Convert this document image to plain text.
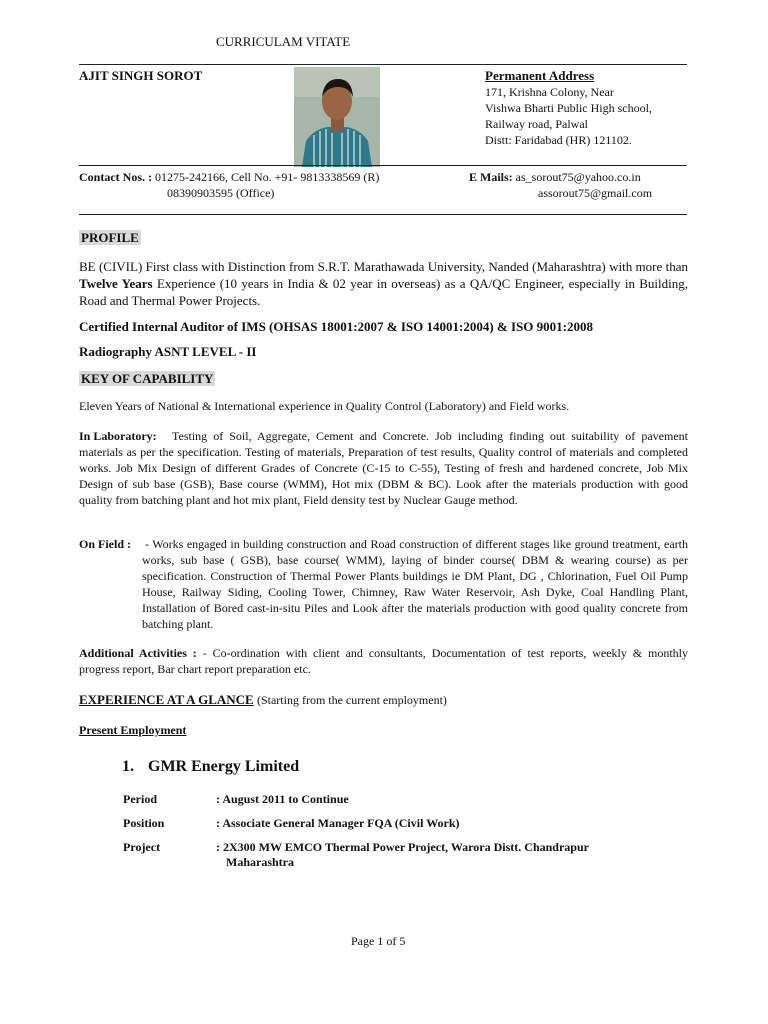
CURRICULAM VITATE
AJIT SINGH SOROT	Permanent Address
171, Krishna Colony, Near
Vishwa Bharti Public High school,
Railway road, Palwal
Distt: Faridabad (HR) 121102.
Contact Nos. : 01275-242166, Cell No. +91- 9813338569 (R)
08390903595 (Office)
E Mails: as_sorout75@yahoo.co.in
assorout75@gmail.com
PROFILE
BE (CIVIL) First class with Distinction from S.R.T. Marathawada University, Nanded (Maharashtra) with more than Twelve Years Experience (10 years in India & 02 year in overseas) as a QA/QC Engineer, especially in Building, Road and Thermal Power Projects.
Certified Internal Auditor of IMS (OHSAS 18001:2007 & ISO 14001:2004) & ISO 9001:2008
Radiography ASNT LEVEL - II
KEY OF CAPABILITY
Eleven Years of National & International experience in Quality Control (Laboratory) and Field works.
In Laboratory:	Testing of Soil, Aggregate, Cement and Concrete. Job including finding out suitability of pavement materials as per the specification. Testing of materials, Preparation of test results, Quality control of materials and completed works. Job Mix Design of different Grades of Concrete (C-15 to C-55), Testing of fresh and hardened concrete, Job Mix Design of sub base (GSB), Base course (WMM), Hot mix (DBM & BC). Look after the materials production with good quality from batching plant and hot mix plant, Field density test by Nuclear Gauge method.
On Field : - Works engaged in building construction and Road construction of different stages like ground treatment, earth works, sub base ( GSB), base course( WMM), laying of binder course( DBM & wearing course) as per specification. Construction of Thermal Power Plants buildings ie DM Plant, DG , Chlorination, Fuel Oil Pump House, Railway Siding, Cooling Tower, Chimney, Raw Water Reservoir, Ash Dyke, Coal Handling Plant, Installation of Bored cast-in-situ Piles and Look after the materials production with good quality concrete from batching plant.
Additional Activities : - Co-ordination with client and consultants, Documentation of test reports, weekly & monthly progress report, Bar chart report preparation etc.
EXPERIENCE AT A GLANCE (Starting from the current employment)
Present Employment
1. GMR Energy Limited
Period	: August 2011 to Continue
Position	: Associate General Manager FQA (Civil Work)
Project	: 2X300 MW EMCO Thermal Power Project, Warora Distt. Chandrapur
Maharashtra
Page 1 of 5
